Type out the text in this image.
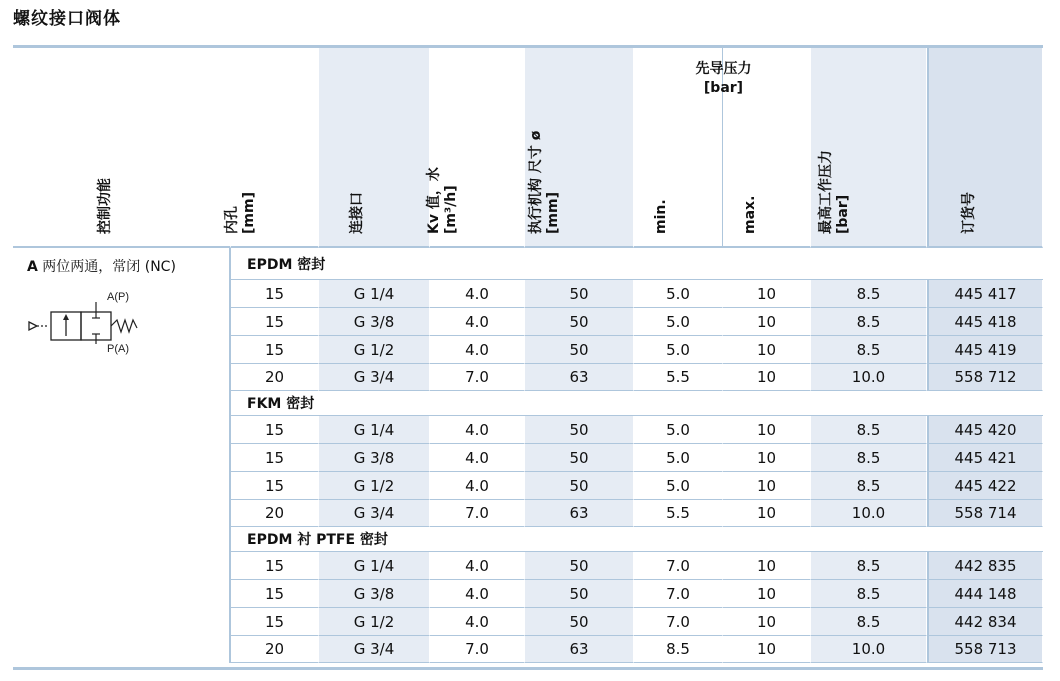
螺纹接口阀体
控制功能	内孔 [mm]	连接口	Kv 值，水 [m³/h]	执行机构 尺寸 ø [mm]	min.	max.	最高工作压力 [bar]	订货号
A 两位两通，常闭 (NC)
A(P)
P(A)
EPDM 密封
15	G 1/4	4.0	50	5.0	10	8.5	445 417
15	G 3/8	4.0	50	5.0	10	8.5	445 418
15	G 1/2	4.0	50	5.0	10	8.5	445 419
20	G 3/4	7.0	63	5.5	10	10.0	558 712
FKM 密封
15	G 1/4	4.0	50	5.0	10	8.5	445 420
15	G 3/8	4.0	50	5.0	10	8.5	445 421
15	G 1/2	4.0	50	5.0	10	8.5	445 422
20	G 3/4	7.0	63	5.5	10	10.0	558 714
EPDM 衬 PTFE 密封
15	G 1/4	4.0	50	7.0	10	8.5	442 835
15	G 3/8	4.0	50	7.0	10	8.5	444 148
15	G 1/2	4.0	50	7.0	10	8.5	442 834
20	G 3/4	7.0	63	8.5	10	10.0	558 713
先导压力
[bar]
